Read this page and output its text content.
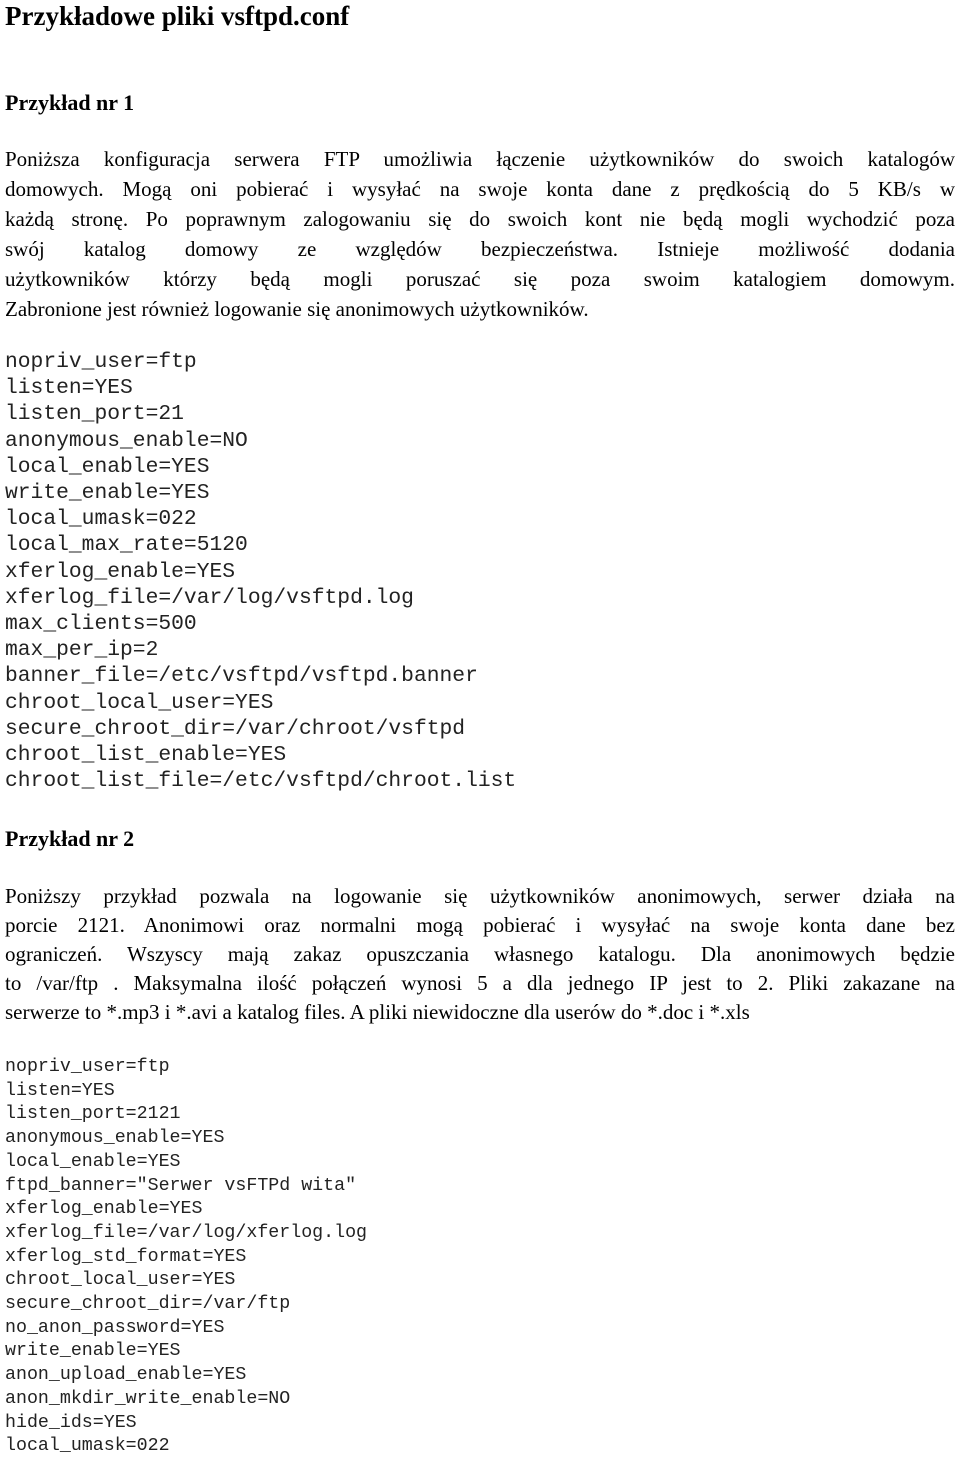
Przykładowe pliki vsftpd.conf
Przykład nr 1
Poniższa konfiguracja serwera FTP umożliwia łączenie użytkowników do swoich katalogów
domowych. Mogą oni pobierać i wysyłać na swoje konta dane z prędkością do 5 KB/s w
każdą stronę. Po poprawnym zalogowaniu się do swoich kont nie będą mogli wychodzić poza
swój katalog domowy ze względów bezpieczeństwa. Istnieje możliwość dodania
użytkowników którzy będą mogli poruszać się poza swoim katalogiem domowym.
Zabronione jest również logowanie się anonimowych użytkowników.
nopriv_user=ftp
listen=YES
listen_port=21
anonymous_enable=NO
local_enable=YES
write_enable=YES
local_umask=022
local_max_rate=5120
xferlog_enable=YES
xferlog_file=/var/log/vsftpd.log
max_clients=500
max_per_ip=2
banner_file=/etc/vsftpd/vsftpd.banner
chroot_local_user=YES
secure_chroot_dir=/var/chroot/vsftpd
chroot_list_enable=YES
chroot_list_file=/etc/vsftpd/chroot.list
Przykład nr 2
Poniższy przykład pozwala na logowanie się użytkowników anonimowych, serwer działa na
porcie 2121. Anonimowi oraz normalni mogą pobierać i wysyłać na swoje konta dane bez
ograniczeń. Wszyscy mają zakaz opuszczania własnego katalogu. Dla anonimowych będzie
to /var/ftp . Maksymalna ilość połączeń wynosi 5 a dla jednego IP jest to 2. Pliki zakazane na
serwerze to *.mp3 i *.avi a katalog files. A pliki niewidoczne dla userów do *.doc i *.xls
nopriv_user=ftp
listen=YES
listen_port=2121
anonymous_enable=YES
local_enable=YES
ftpd_banner="Serwer vsFTPd wita"
xferlog_enable=YES
xferlog_file=/var/log/xferlog.log
xferlog_std_format=YES
chroot_local_user=YES
secure_chroot_dir=/var/ftp
no_anon_password=YES
write_enable=YES
anon_upload_enable=YES
anon_mkdir_write_enable=NO
hide_ids=YES
local_umask=022
